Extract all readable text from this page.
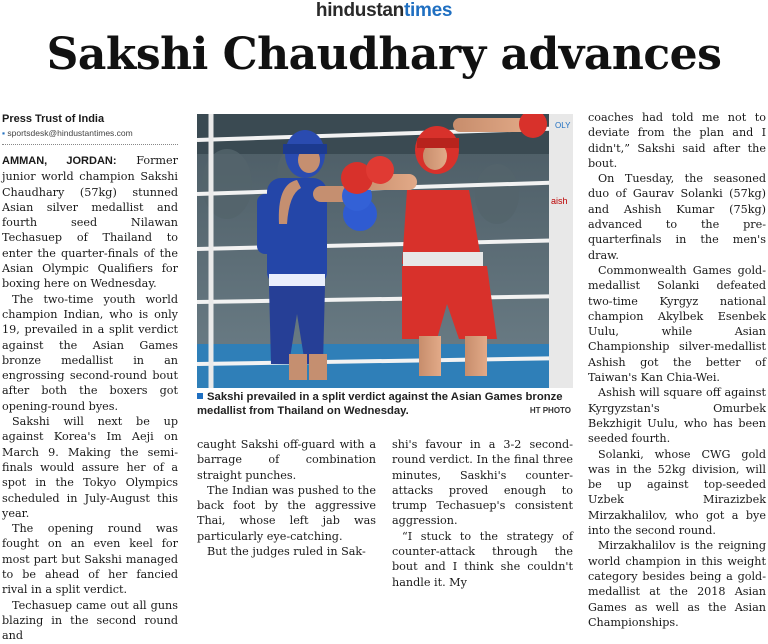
hindustantimes
Sakshi Chaudhary advances
Press Trust of India
▪ sportsdesk@hindustantimes.com

AMMAN, JORDAN: Former junior world champion Sakshi Chaudhary (57kg) stunned Asian silver medallist and fourth seed Nilawan Techasuep of Thailand to enter the quarter-finals of the Asian Olympic Qualifiers for boxing here on Wednesday.

The two-time youth world champion Indian, who is only 19, prevailed in a split verdict against the Asian Games bronze medallist in an engrossing second-round bout after both the boxers got opening-round byes.

Sakshi will next be up against Korea's Im Aeji on March 9. Making the semi-finals would assure her of a spot in the Tokyo Olympics scheduled in July-August this year.

The opening round was fought on an even keel for most part but Sakshi managed to be ahead of her fancied rival in a split verdict.

Techasuep came out all guns blazing in the second round and

OLY
aish
Sakshi prevailed in a split verdict against the Asian Games bronze medallist from Thailand on Wednesday.	HT PHOTO

caught Sakshi off-guard with a barrage of combination straight punches.

The Indian was pushed to the back foot by the aggressive Thai, whose left jab was particularly eye-catching.

But the judges ruled in Sak-

shi's favour in a 3-2 second-round verdict. In the final three minutes, Saskhi's counter-attacks proved enough to trump Techasuep's consistent aggression.

“I stuck to the strategy of counter-attack through the bout and I think she couldn't handle it. My

coaches had told me not to deviate from the plan and I didn't,” Sakshi said after the bout.

On Tuesday, the seasoned duo of Gaurav Solanki (57kg) and Ashish Kumar (75kg) advanced to the pre-quarterfinals in the men's draw.

Commonwealth Games gold-medallist Solanki defeated two-time Kyrgyz national champion Akylbek Esenbek Uulu, while Asian Championship silver-medallist Ashish got the better of Taiwan's Kan Chia-Wei.

Ashish will square off against Kyrgyzstan's Omurbek Bekzhigit Uulu, who has been seeded fourth.

Solanki, whose CWG gold was in the 52kg division, will be up against top-seeded Uzbek Mirazizbek Mirzakhalilov, who got a bye into the second round.

Mirzakhalilov is the reigning world champion in this weight category besides being a gold-medallist at the 2018 Asian Games as well as the Asian Championships.
